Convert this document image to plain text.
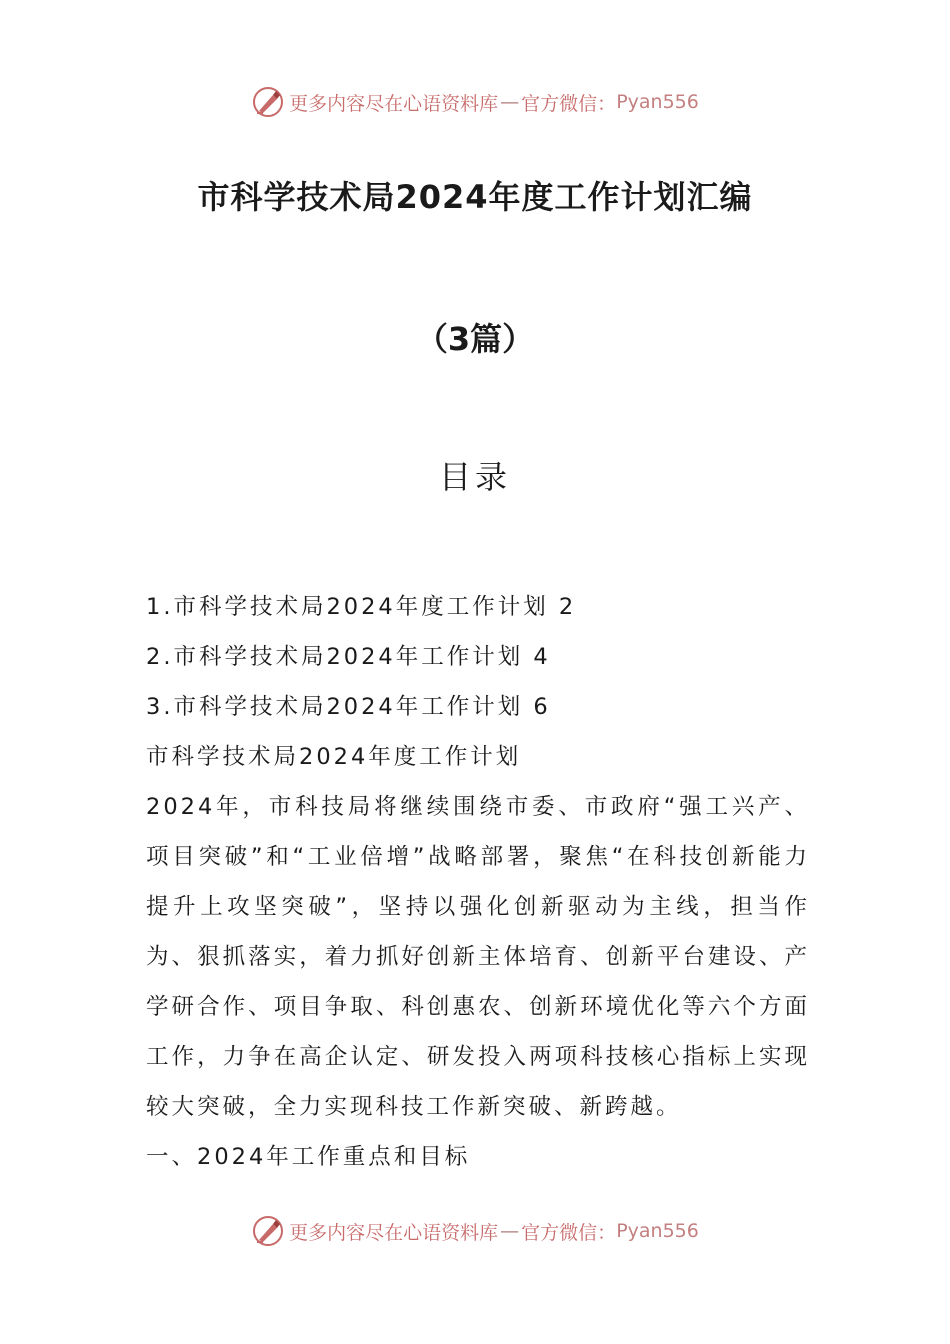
更多内容尽在心语资料库 — 官方微信： Pyan556
市科学技术局2024年度工作计划汇编
（3篇）
目录
1.市科学技术局2024年度工作计划 2
2.市科学技术局2024年工作计划 4
3.市科学技术局2024年工作计划 6
市科学技术局2024年度工作计划
2024年，市科技局将继续围绕市委、市政府“强工兴产、项目突破”和“工业倍增”战略部署，聚焦“在科技创新能力提升上攻坚突破”，坚持以强化创新驱动为主线，担当作为、狠抓落实，着力抓好创新主体培育、创新平台建设、产学研合作、项目争取、科创惠农、创新环境优化等六个方面工作，力争在高企认定、研发投入两项科技核心指标上实现较大突破，全力实现科技工作新突破、新跨越。
一、2024年工作重点和目标
更多内容尽在心语资料库 — 官方微信： Pyan556
